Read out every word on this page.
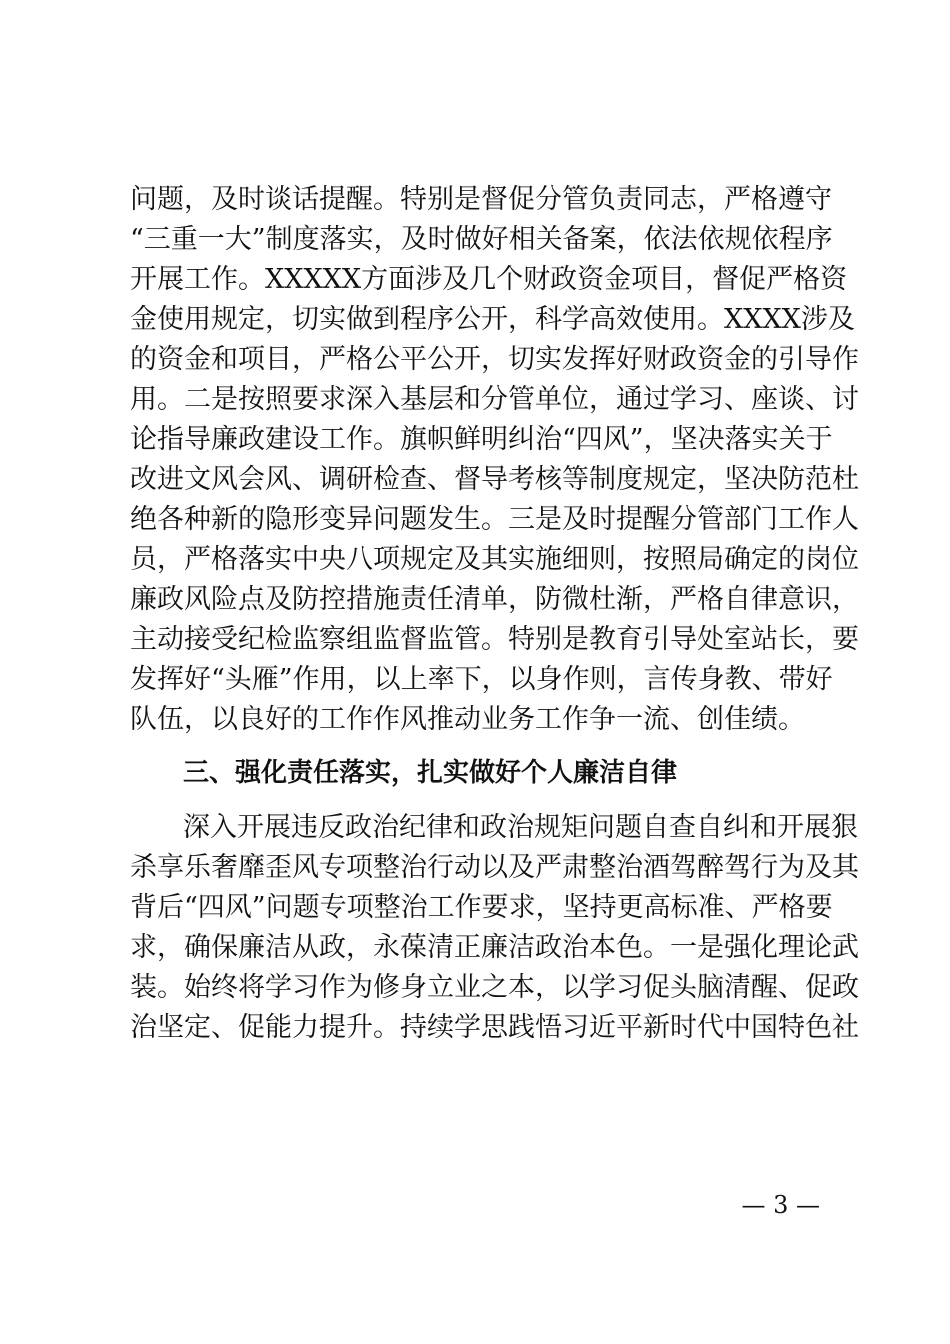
问题，及时谈话提醒。特别是督促分管负责同志，严格遵守
“三重一大”制度落实，及时做好相关备案，依法依规依程序
开展工作。XXXXX方面涉及几个财政资金项目，督促严格资
金使用规定，切实做到程序公开，科学高效使用。XXXX涉及
的资金和项目，严格公平公开，切实发挥好财政资金的引导作
用。二是按照要求深入基层和分管单位，通过学习、座谈、讨
论指导廉政建设工作。旗帜鲜明纠治“四风”，坚决落实关于
改进文风会风、调研检查、督导考核等制度规定，坚决防范杜
绝各种新的隐形变异问题发生。三是及时提醒分管部门工作人
员，严格落实中央八项规定及其实施细则，按照局确定的岗位
廉政风险点及防控措施责任清单，防微杜渐，严格自律意识，
主动接受纪检监察组监督监管。特别是教育引导处室站长，要
发挥好“头雁”作用，以上率下，以身作则，言传身教、带好
队伍，以良好的工作作风推动业务工作争一流、创佳绩。
三、强化责任落实，扎实做好个人廉洁自律
深入开展违反政治纪律和政治规矩问题自查自纠和开展狠
杀享乐奢靡歪风专项整治行动以及严肃整治酒驾醉驾行为及其
背后“四风”问题专项整治工作要求，坚持更高标准、严格要
求，确保廉洁从政，永葆清正廉洁政治本色。一是强化理论武
装。始终将学习作为修身立业之本，以学习促头脑清醒、促政
治坚定、促能力提升。持续学思践悟习近平新时代中国特色社
— 3 —
